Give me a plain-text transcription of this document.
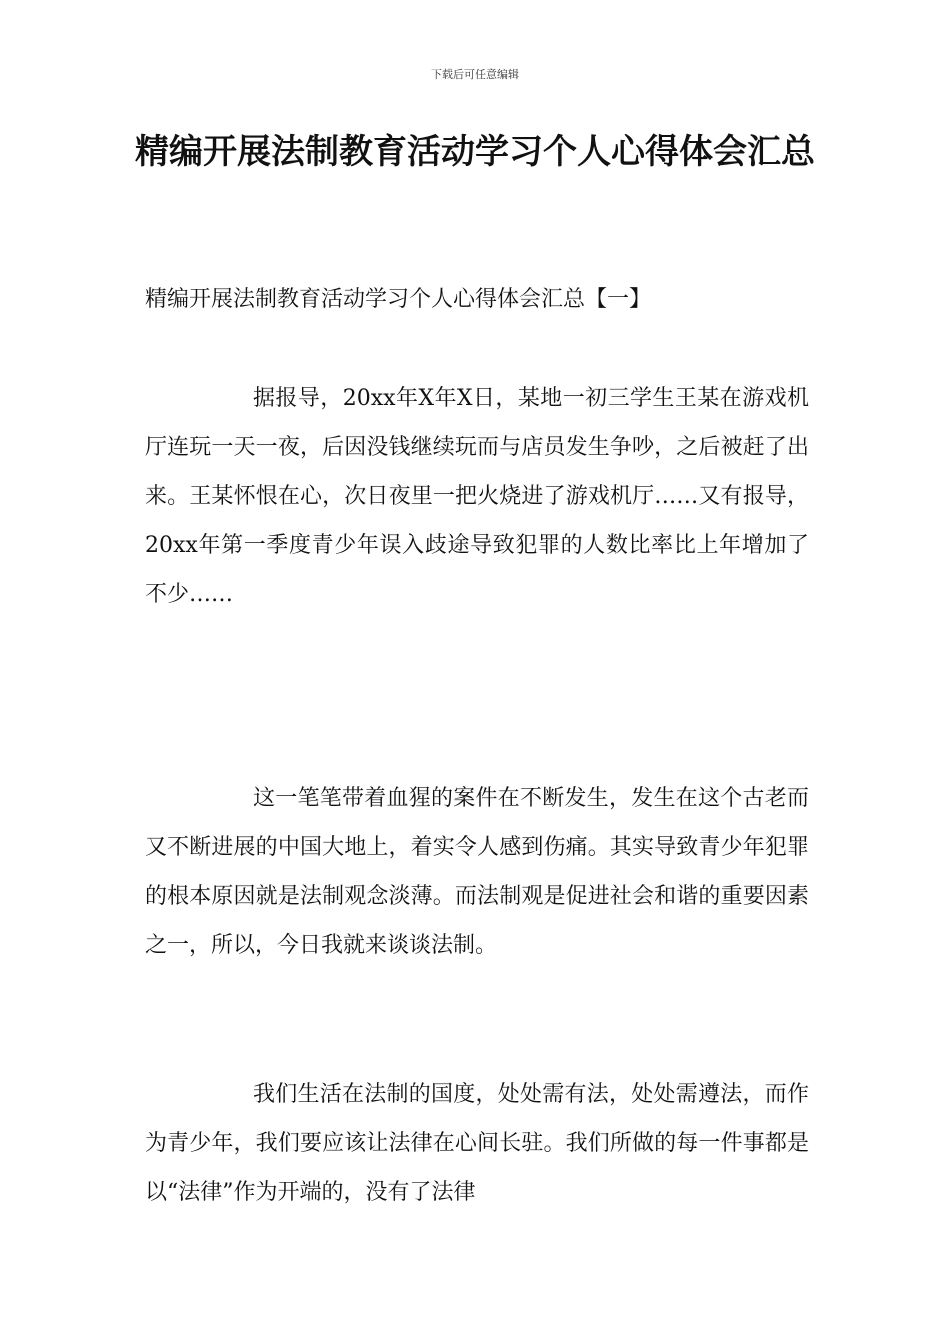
下载后可任意编辑
精编开展法制教育活动学习个人心得体会汇总

精编开展法制教育活动学习个人心得体会汇总【一】

据报导，20xx年X年X日，某地一初三学生王某在游戏机厅连玩一天一夜，后因没钱继续玩而与店员发生争吵，之后被赶了出来。王某怀恨在心，次日夜里一把火烧进了游戏机厅……又有报导，20xx年第一季度青少年误入歧途导致犯罪的人数比率比上年增加了不少……

这一笔笔带着血猩的案件在不断发生，发生在这个古老而又不断进展的中国大地上，着实令人感到伤痛。其实导致青少年犯罪的根本原因就是法制观念淡薄。而法制观是促进社会和谐的重要因素之一，所以，今日我就来谈谈法制。

我们生活在法制的国度，处处需有法，处处需遵法，而作为青少年，我们要应该让法律在心间长驻。我们所做的每一件事都是以“法律”作为开端的，没有了法律
